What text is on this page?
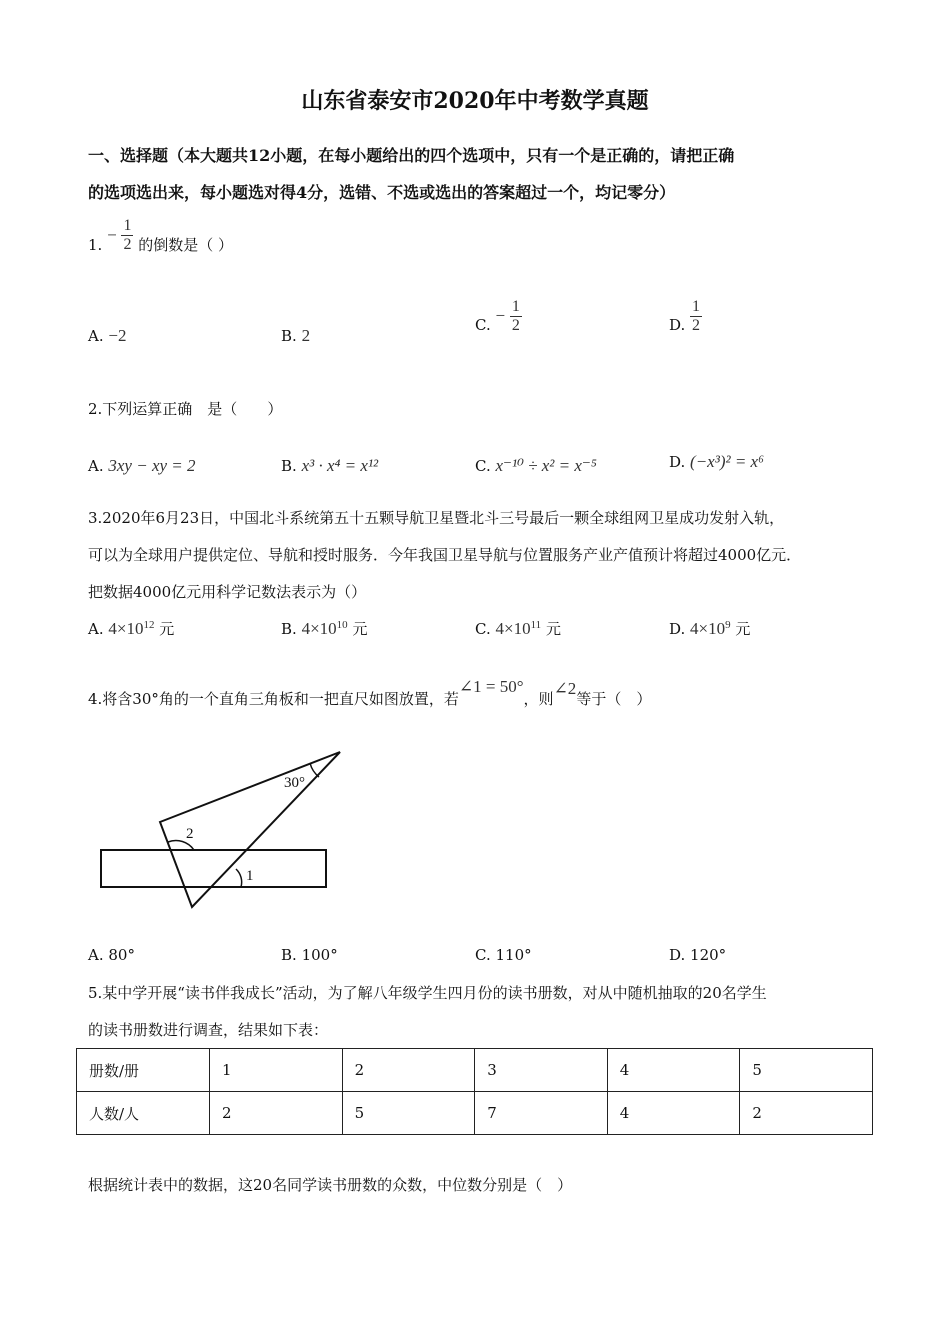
山东省泰安市2020年中考数学真题
一、选择题（本大题共12小题，在每小题给出的四个选项中，只有一个是正确的，请把正确
的选项选出来，每小题选对得4分，选错、不选或选出的答案超过一个，均记零分）
1. − $\frac{1}{2}$ 的倒数是（ ）
A. −2	B. 2
C. − $\frac{1}{2}$	D. $\frac{1}{2}$
2.下列运算正确　是（　　）
A. 3xy − xy = 2	B. x³ · x⁴ = x¹²	C. x⁻¹⁰ ÷ x² = x⁻⁵	D. (−x³)² = x⁶
3.2020年6月23日，中国北斗系统第五十五颗导航卫星暨北斗三号最后一颗全球组网卫星成功发射入轨，
可以为全球用户提供定位、导航和授时服务．今年我国卫星导航与位置服务产业产值预计将超过4000亿元．
把数据4000亿元用科学记数法表示为（）
A. $4\times 10^{12}$ 元	B. $4\times 10^{10}$ 元	C. $4\times 10^{11}$ 元	D. $4\times 10^9$ 元
4.将含30°角的一个直角三角板和一把直尺如图放置，若∠1 = 50°，则∠2等于（　）
30°
2
1
A. 80°	B. 100°	C. 110°	D. 120°
5.某中学开展“读书伴我成长”活动，为了解八年级学生四月份的读书册数，对从中随机抽取的20名学生
的读书册数进行调查，结果如下表：
册数/册	1	2	3	4	5
人数/人	2	5	7	4	2
根据统计表中的数据，这20名同学读书册数的众数，中位数分别是（　）
